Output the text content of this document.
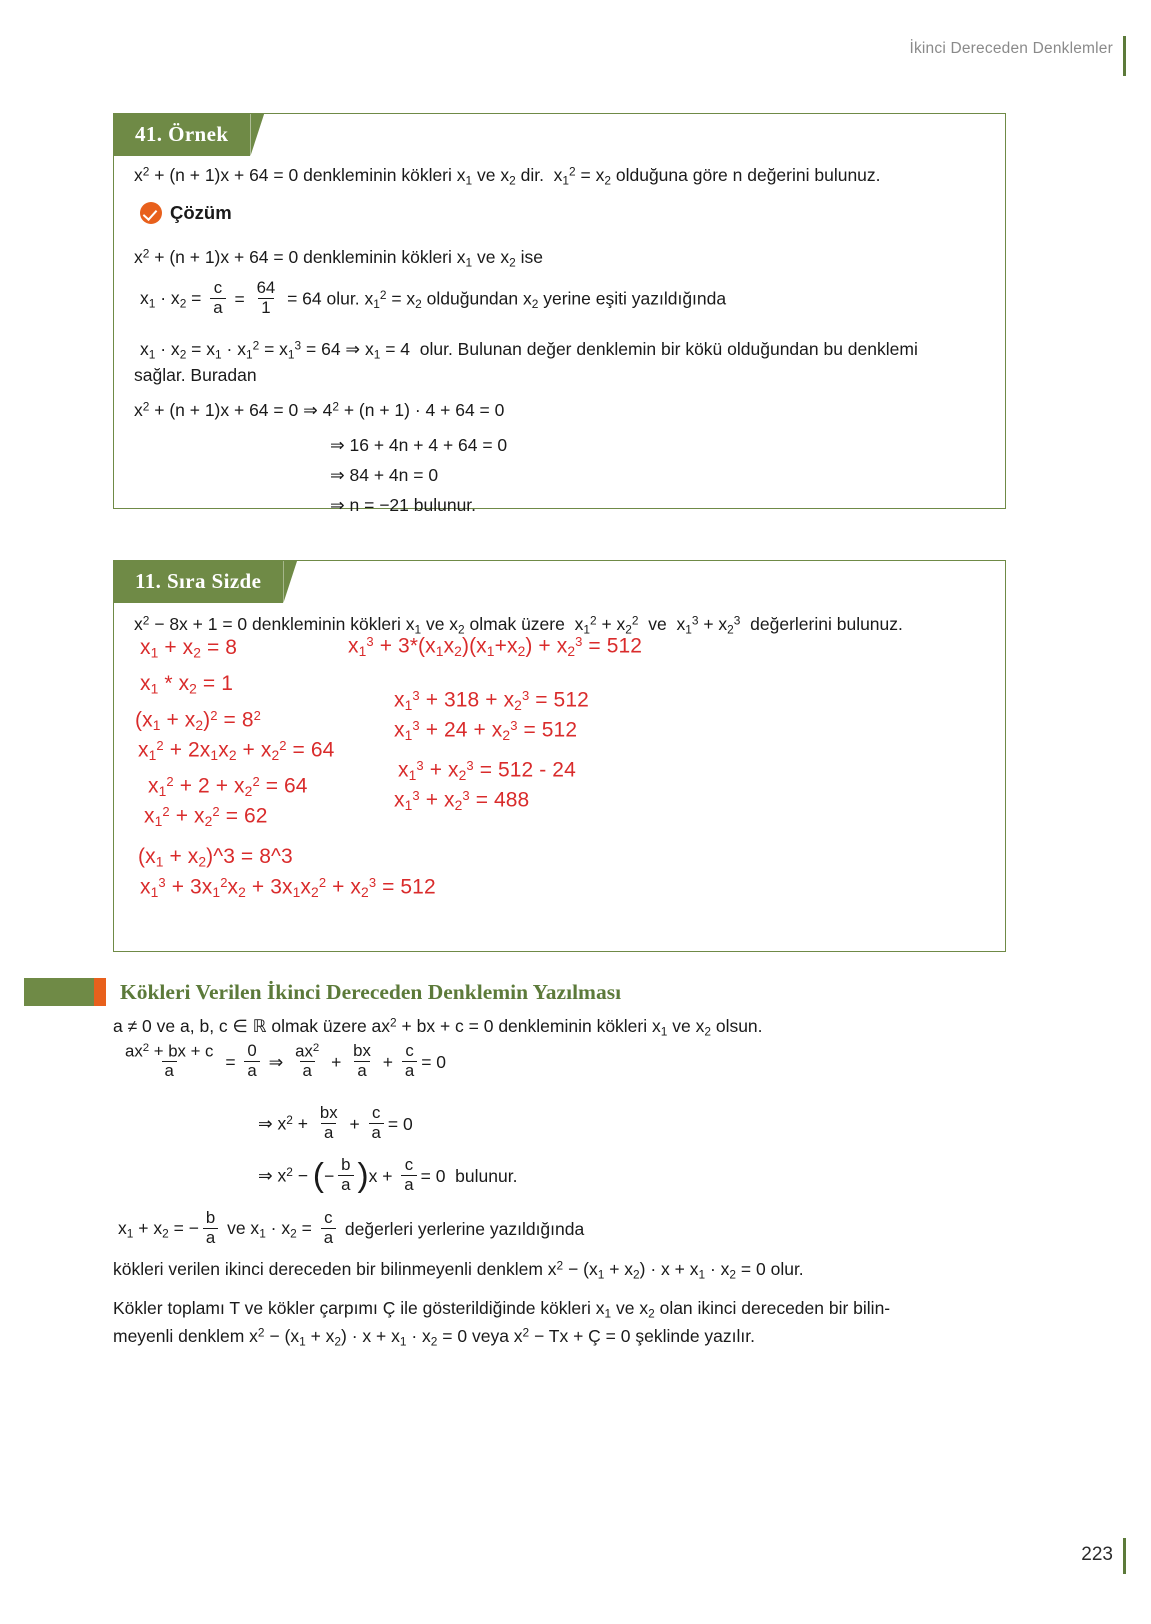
İkinci Dereceden Denklemler
41. Örnek
$x^2 + (n + 1)x + 64 = 0$ denkleminin kökleri $x_1$ ve $x_2$ dir.  $x_1^2 = x_2$ olduğuna göre n değerini bulunuz.
Çözüm
$x^2 + (n + 1)x + 64 = 0$ denkleminin kökleri $x_1$ ve $x_2$ ise
$x_1 \cdot x_2 = \frac{c}{a} = \frac{64}{1} = 64$ olur. $x_1^2 = x_2$ olduğundan $x_2$ yerine eşiti yazıldığında
$x_1 \cdot x_2 = x_1 \cdot x_1^2 = x_1^3 = 64$ ⇒ $x_1 = 4$  olur. Bulunan değer denklemin bir kökü olduğundan bu denklemi
sağlar. Buradan
$x^2 + (n + 1)x + 64 = 0$ ⇒ $4^2 + (n + 1) \cdot 4 + 64 = 0$
⇒ 16 + 4n + 4 + 64 = 0
⇒ 84 + 4n = 0
⇒ n = −21 bulunur.
11. Sıra Sizde
$x^2 - 8x + 1 = 0$ denkleminin kökleri $x_1$ ve $x_2$ olmak üzere  $x_1^2 + x_2^2$  ve  $x_1^3 + x_2^3$  değerlerini bulunuz.
$x_1 + x_2 = 8$
$x_1 * x_2 = 1$
$(x_1 + x_2)^2 = 8^2$
$x_1^2 + 2x_1x_2 + x_2^2 = 64$
$x_1^2 + 2 + x_2^2 = 64$
$x_1^2 + x_2^2 = 62$
($x_1$ + $x_2)\^{}3$ = 8^3
$x_1^3 + 3x_1^2x_2 + 3x_1x_2^2 + x_2^3 = 512$
$x_1^3 + 3*(x_1x_2)(x_1+x_2) + x_2^3 = 512$
$x_1^3 + 318 + x_2^3 = 512$
$x_1^3 + 24 + x_2^3 = 512$
$x_1^3 + x_2^3 = 512 - 24$
$x_1^3 + x_2^3 = 488$
Kökleri Verilen İkinci Dereceden Denklemin Yazılması
a ≠ 0 ve a, b, c ∈ ℝ olmak üzere $ax^2$ + bx + c = 0 denkleminin kökleri $x_1$ ve $x_2$ olsun.
$\frac{ax^2 + bx + c}{a} = \frac{0}{a}$ ⇒ $\frac{ax^2}{a} + \frac{bx}{a} + \frac{c}{a} = 0$
⇒ $x^2 + \frac{bx}{a} + \frac{c}{a} = 0$
⇒ $x^2$ − ( − $\frac{b}{a}$ ) $x + \frac{c}{a} = 0$  bulunur.
$x_1 + x_2$ = − $\frac{b}{a}$ ve $x_1 \cdot x_2 = \frac{c}{a}$
değerleri yerlerine yazıldığında
kökleri verilen ikinci dereceden bir bilinmeyenli denklem $x^2 - (x_1 + x_2) \cdot x + x_1 \cdot x_2 = 0$ olur.
Kökler toplamı T ve kökler çarpımı Ç ile gösterildiğinde kökleri $x_1$ ve $x_2$ olan ikinci dereceden bir bilin-
meyenli denklem $x^2 - (x_1 + x_2) \cdot x + x_1 \cdot x_2 = 0$ veya $x^2 - Tx$ + Ç = 0 şeklinde yazılır.
223
